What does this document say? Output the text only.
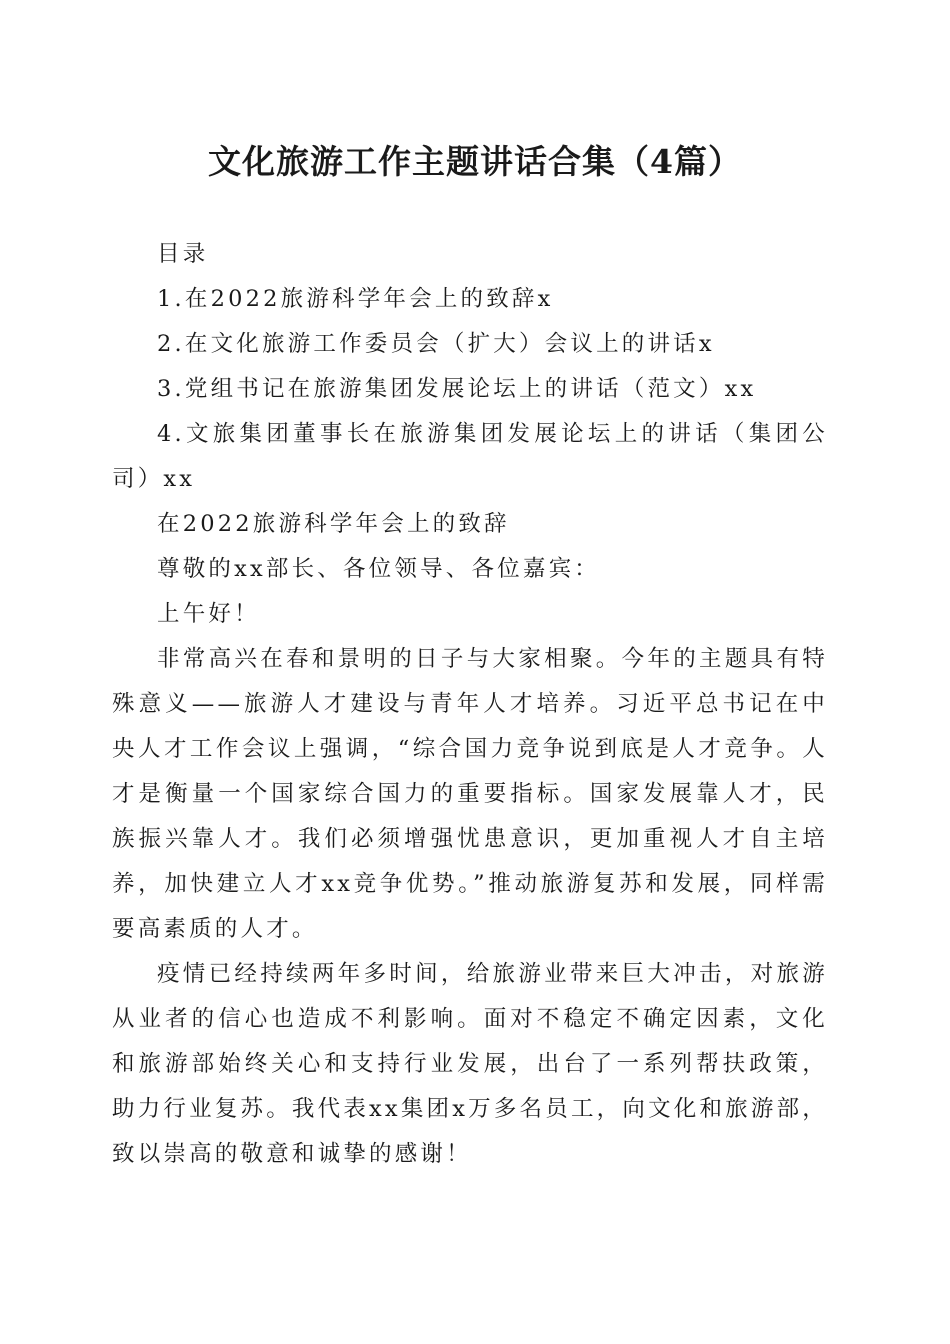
文化旅游工作主题讲话合集（4篇）

目录

1.在2022旅游科学年会上的致辞x

2.在文化旅游工作委员会（扩大）会议上的讲话x

3.党组书记在旅游集团发展论坛上的讲话（范文）xx

4.文旅集团董事长在旅游集团发展论坛上的讲话（集团公司）xx

在2022旅游科学年会上的致辞

尊敬的xx部长、各位领导、各位嘉宾：

上午好！

非常高兴在春和景明的日子与大家相聚。今年的主题具有特殊意义——旅游人才建设与青年人才培养。习近平总书记在中央人才工作会议上强调，“综合国力竞争说到底是人才竞争。人才是衡量一个国家综合国力的重要指标。国家发展靠人才，民族振兴靠人才。我们必须增强忧患意识，更加重视人才自主培养，加快建立人才xx竞争优势。”推动旅游复苏和发展，同样需要高素质的人才。

疫情已经持续两年多时间，给旅游业带来巨大冲击，对旅游从业者的信心也造成不利影响。面对不稳定不确定因素，文化和旅游部始终关心和支持行业发展，出台了一系列帮扶政策，助力行业复苏。我代表xx集团x万多名员工，向文化和旅游部，致以崇高的敬意和诚挚的感谢！
